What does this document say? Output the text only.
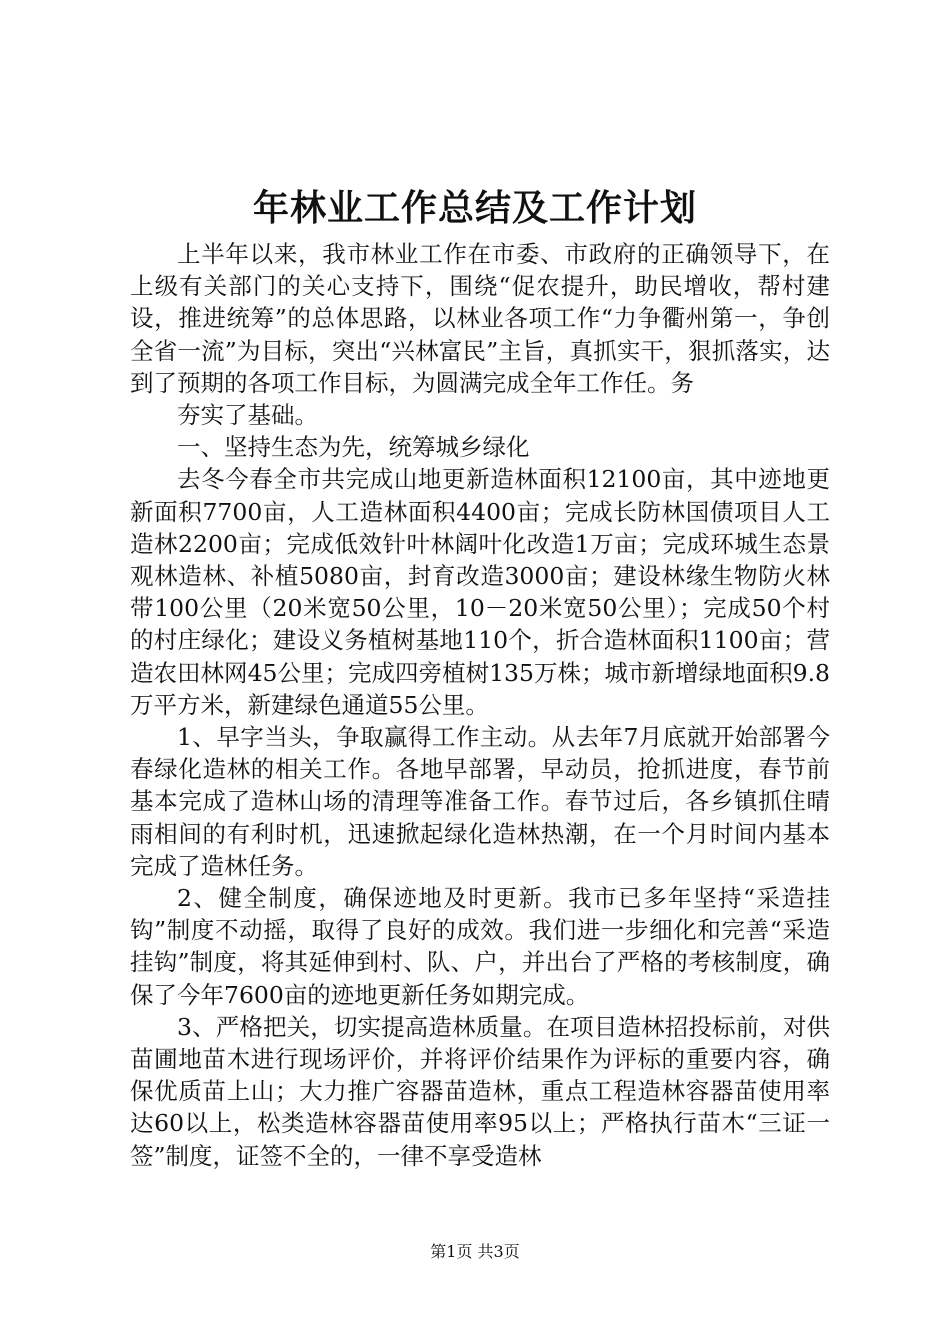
年林业工作总结及工作计划

上半年以来，我市林业工作在市委、市政府的正确领导下，在上级有关部门的关心支持下，围绕“促农提升，助民增收，帮村建设，推进统筹”的总体思路，以林业各项工作“力争衢州第一，争创全省一流”为目标，突出“兴林富民”主旨，真抓实干，狠抓落实，达到了预期的各项工作目标，为圆满完成全年工作任。务

夯实了基础。

一、坚持生态为先，统筹城乡绿化

去冬今春全市共完成山地更新造林面积12100亩，其中迹地更新面积7700亩，人工造林面积4400亩；完成长防林国债项目人工造林2200亩；完成低效针叶林阔叶化改造1万亩；完成环城生态景观林造林、补植5080亩，封育改造3000亩；建设林缘生物防火林带100公里（20米宽50公里，10－20米宽50公里）；完成50个村的村庄绿化；建设义务植树基地110个，折合造林面积1100亩；营造农田林网45公里；完成四旁植树135万株；城市新增绿地面积9.8万平方米，新建绿色通道55公里。

1、早字当头，争取赢得工作主动。从去年7月底就开始部署今春绿化造林的相关工作。各地早部署，早动员，抢抓进度，春节前基本完成了造林山场的清理等准备工作。春节过后，各乡镇抓住晴雨相间的有利时机，迅速掀起绿化造林热潮，在一个月时间内基本完成了造林任务。

2、健全制度，确保迹地及时更新。我市已多年坚持“采造挂钩”制度不动摇，取得了良好的成效。我们进一步细化和完善“采造挂钩”制度，将其延伸到村、队、户，并出台了严格的考核制度，确保了今年7600亩的迹地更新任务如期完成。

3、严格把关，切实提高造林质量。在项目造林招投标前，对供苗圃地苗木进行现场评价，并将评价结果作为评标的重要内容，确保优质苗上山；大力推广容器苗造林，重点工程造林容器苗使用率达60以上，松类造林容器苗使用率95以上；严格执行苗木“三证一签”制度，证签不全的，一律不享受造林

第1页 共3页
